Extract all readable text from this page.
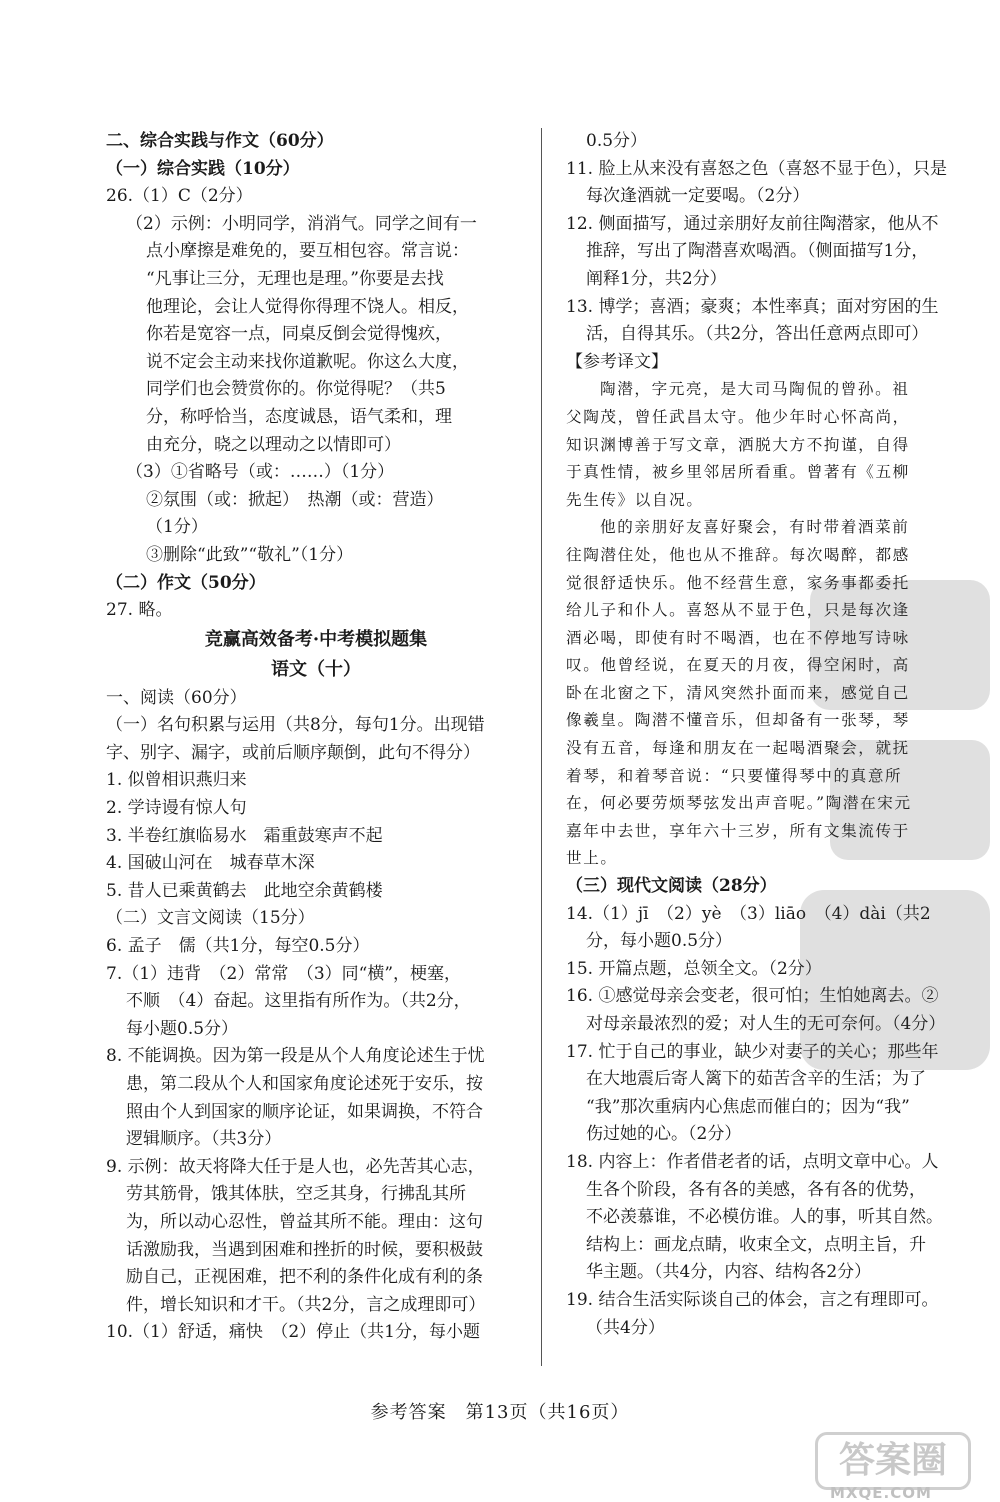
二、综合实践与作文（60分）
（一）综合实践（10分）
26.（1）C（2分）
（2）示例：小明同学，消消气。同学之间有一
点小摩擦是难免的，要互相包容。常言说：
“凡事让三分，无理也是理。”你要是去找
他理论，会让人觉得你得理不饶人。相反，
你若是宽容一点，同桌反倒会觉得愧疚，
说不定会主动来找你道歉呢。你这么大度，
同学们也会赞赏你的。你觉得呢？（共5
分，称呼恰当，态度诚恳，语气柔和，理
由充分，晓之以理动之以情即可）
（3）①省略号（或：……）（1分）
②氛围（或：掀起）　热潮（或：营造）
（1分）
③删除“此致”“敬礼”（1分）
（二）作文（50分）
27. 略。
竞赢高效备考·中考模拟题集
语文（十）
一、阅读（60分）
（一）名句积累与运用（共8分，每句1分。出现错
字、别字、漏字，或前后顺序颠倒，此句不得分）
1. 似曾相识燕归来
2. 学诗谩有惊人句
3. 半卷红旗临易水　霜重鼓寒声不起
4. 国破山河在　城春草木深
5. 昔人已乘黄鹤去　此地空余黄鹤楼
（二）文言文阅读（15分）
6. 孟子　儒（共1分，每空0.5分）
7.（1）违背　（2）常常　（3）同“横”，梗塞，
不顺　（4）奋起。这里指有所作为。（共2分，
每小题0.5分）
8. 不能调换。因为第一段是从个人角度论述生于忧
患，第二段从个人和国家角度论述死于安乐，按
照由个人到国家的顺序论证，如果调换，不符合
逻辑顺序。（共3分）
9. 示例：故天将降大任于是人也，必先苦其心志，
劳其筋骨，饿其体肤，空乏其身，行拂乱其所
为，所以动心忍性，曾益其所不能。理由：这句
话激励我，当遇到困难和挫折的时候，要积极鼓
励自己，正视困难，把不利的条件化成有利的条
件，增长知识和才干。（共2分，言之成理即可）
10.（1）舒适，痛快　（2）停止（共1分，每小题
0.5分）
11. 脸上从来没有喜怒之色（喜怒不显于色），只是
每次逢酒就一定要喝。（2分）
12. 侧面描写，通过亲朋好友前往陶潜家，他从不
推辞，写出了陶潜喜欢喝酒。（侧面描写1分，
阐释1分，共2分）
13. 博学；喜酒；豪爽；本性率真；面对穷困的生
活，自得其乐。（共2分，答出任意两点即可）
【参考译文】
陶潜，字元亮，是大司马陶侃的曾孙。祖
父陶茂，曾任武昌太守。他少年时心怀高尚，
知识渊博善于写文章，洒脱大方不拘谨，自得
于真性情，被乡里邻居所看重。曾著有《五柳
先生传》以自况。
他的亲朋好友喜好聚会，有时带着酒菜前
往陶潜住处，他也从不推辞。每次喝醉，都感
觉很舒适快乐。他不经营生意，家务事都委托
给儿子和仆人。喜怒从不显于色，只是每次逢
酒必喝，即使有时不喝酒，也在不停地写诗咏
叹。他曾经说，在夏天的月夜，得空闲时，高
卧在北窗之下，清风突然扑面而来，感觉自己
像羲皇。陶潜不懂音乐，但却备有一张琴，琴
没有五音，每逢和朋友在一起喝酒聚会，就抚
着琴，和着琴音说：“只要懂得琴中的真意所
在，何必要劳烦琴弦发出声音呢。”陶潜在宋元
嘉年中去世，享年六十三岁，所有文集流传于
世上。
（三）现代文阅读（28分）
14.（1）jī　（2）yè　（3）liāo　（4）dài（共2
分，每小题0.5分）
15. 开篇点题，总领全文。（2分）
16. ①感觉母亲会变老，很可怕；生怕她离去。②
对母亲最浓烈的爱；对人生的无可奈何。（4分）
17. 忙于自己的事业，缺少对妻子的关心；那些年
在大地震后寄人篱下的茹苦含辛的生活；为了
“我”那次重病内心焦虑而催白的；因为“我”
伤过她的心。（2分）
18. 内容上：作者借老者的话，点明文章中心。人
生各个阶段，各有各的美感，各有各的优势，
不必羡慕谁，不必模仿谁。人的事，听其自然。
结构上：画龙点睛，收束全文，点明主旨，升
华主题。（共4分，内容、结构各2分）
19. 结合生活实际谈自己的体会，言之有理即可。
（共4分）
参考答案　第13页（共16页）
答案圈
MXQE.COM
